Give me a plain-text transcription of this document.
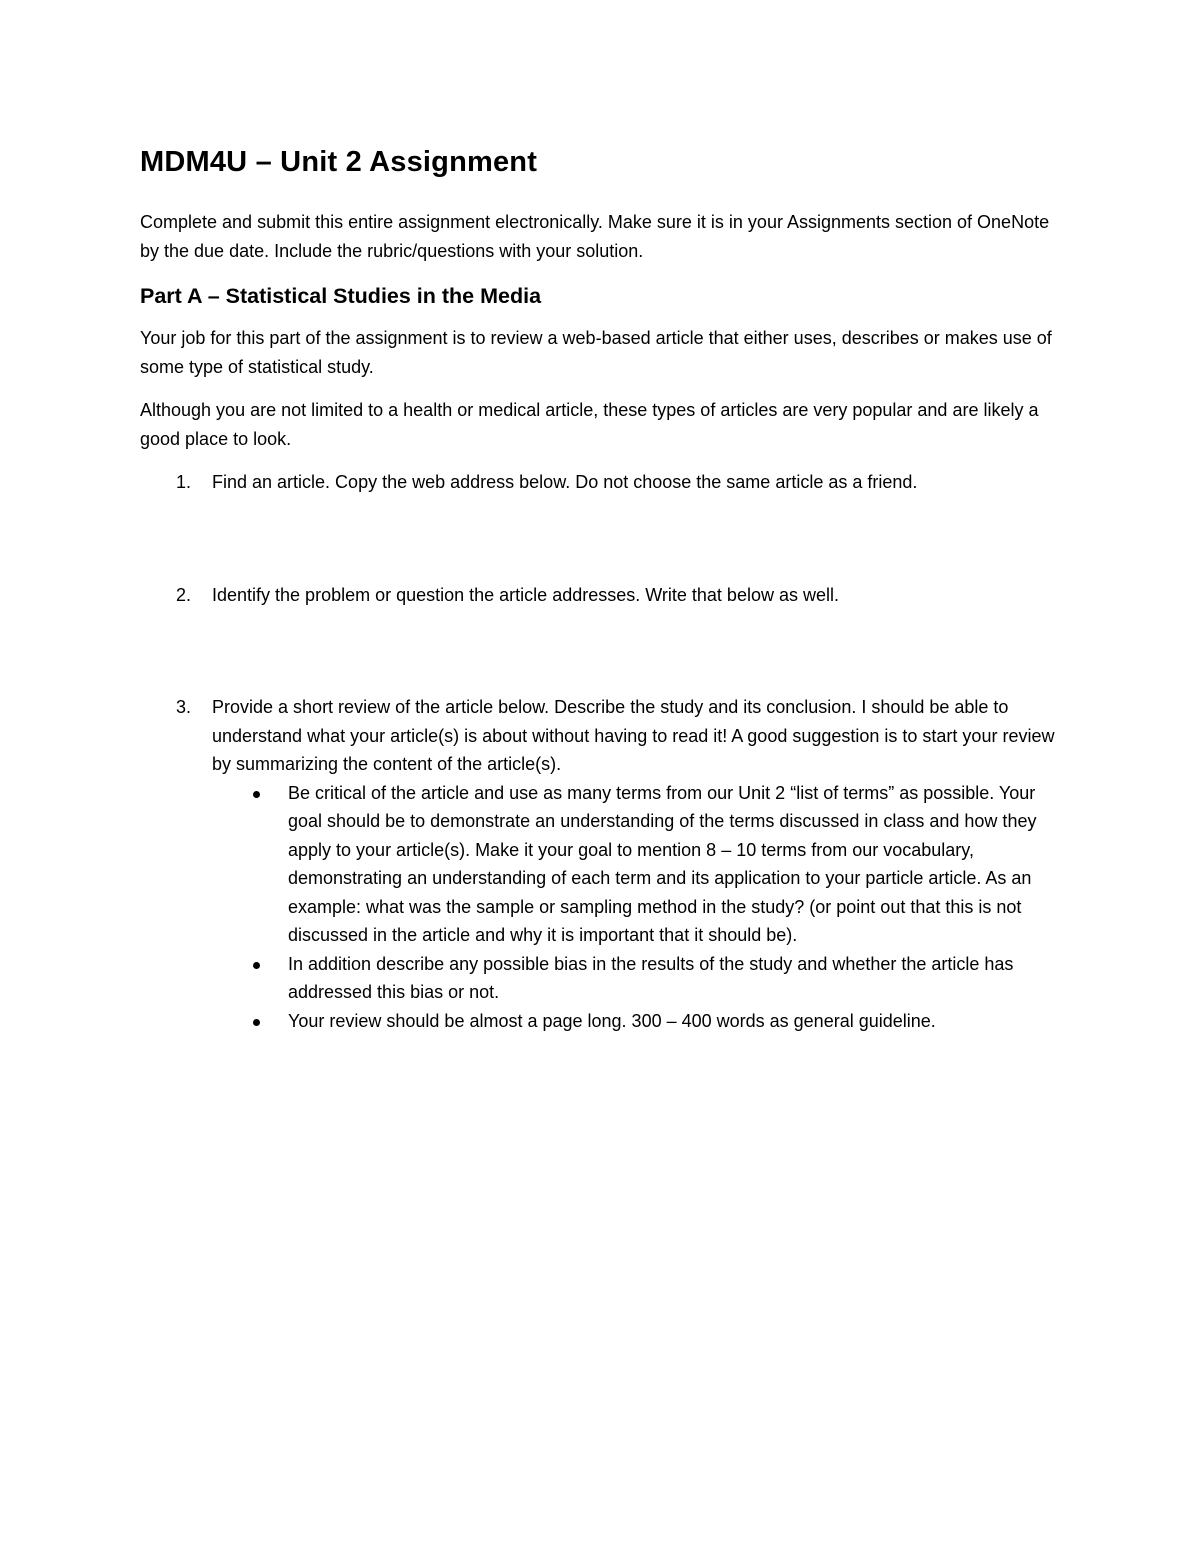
MDM4U – Unit 2 Assignment

Complete and submit this entire assignment electronically. Make sure it is in your Assignments section of OneNote by the due date. Include the rubric/questions with your solution.

Part A – Statistical Studies in the Media

Your job for this part of the assignment is to review a web-based article that either uses, describes or makes use of some type of statistical study.

Although you are not limited to a health or medical article, these types of articles are very popular and are likely a good place to look.

1. Find an article. Copy the web address below. Do not choose the same article as a friend.
2. Identify the problem or question the article addresses. Write that below as well.
3. Provide a short review of the article below. Describe the study and its conclusion. I should be able to understand what your article(s) is about without having to read it! A good suggestion is to start your review by summarizing the content of the article(s).
Be critical of the article and use as many terms from our Unit 2 “list of terms” as possible. Your goal should be to demonstrate an understanding of the terms discussed in class and how they apply to your article(s). Make it your goal to mention 8 – 10 terms from our vocabulary, demonstrating an understanding of each term and its application to your particle article. As an example: what was the sample or sampling method in the study? (or point out that this is not discussed in the article and why it is important that it should be).
In addition describe any possible bias in the results of the study and whether the article has addressed this bias or not.
Your review should be almost a page long. 300 – 400 words as general guideline.
